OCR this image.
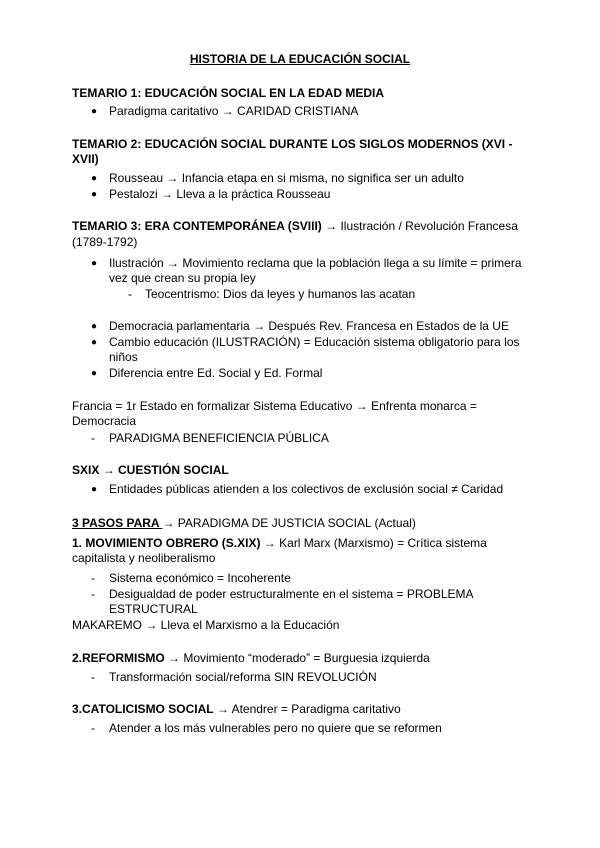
HISTORIA DE LA EDUCACIÓN SOCIAL
TEMARIO 1: EDUCACIÓN SOCIAL EN LA EDAD MEDIA
● Paradigma caritativo → CARIDAD CRISTIANA
TEMARIO 2: EDUCACIÓN SOCIAL DURANTE LOS SIGLOS MODERNOS (XVI -
XVII)
● Rousseau → Infancia etapa en si misma, no significa ser un adulto
● Pestalozi → Lleva a la práctica Rousseau
TEMARIO 3: ERA CONTEMPORÁNEA (SVIII) → Ilustración / Revolución Francesa
(1789-1792)
● Ilustración → Movimiento reclama que la población llega a su límite = primera
vez que crean su propia ley
- Teocentrismo: Dios da leyes y humanos las acatan
● Democracia parlamentaria → Después Rev. Francesa en Estados de la UE
● Cambio educación (ILUSTRACIÓN) = Educación sistema obligatorio para los
niños
● Diferencia entre Ed. Social y Ed. Formal
Francia = 1r Estado en formalizar Sistema Educativo → Enfrenta monarca =
Democracia
- PARADIGMA BENEFICIENCIA PÚBLICA
SXIX → CUESTIÓN SOCIAL
● Entidades públicas atienden a los colectivos de exclusión social ≠ Caridad
3 PASOS PARA → PARADIGMA DE JUSTICIA SOCIAL (Actual)
1. MOVIMIENTO OBRERO (S.XIX) → Karl Marx (Marxismo) = Crítica sistema
capitalista y neoliberalismo
- Sistema económico = Incoherente
- Desigualdad de poder estructuralmente en el sistema = PROBLEMA
ESTRUCTURAL
MAKAREMO → Lleva el Marxismo a la Educación
2.REFORMISMO → Movimiento “moderado” = Burguesia izquierda
- Transformación social/reforma SIN REVOLUCIÓN
3.CATOLICISMO SOCIAL → Atendrer = Paradigma caritativo
- Atender a los más vulnerables pero no quiere que se reformen
